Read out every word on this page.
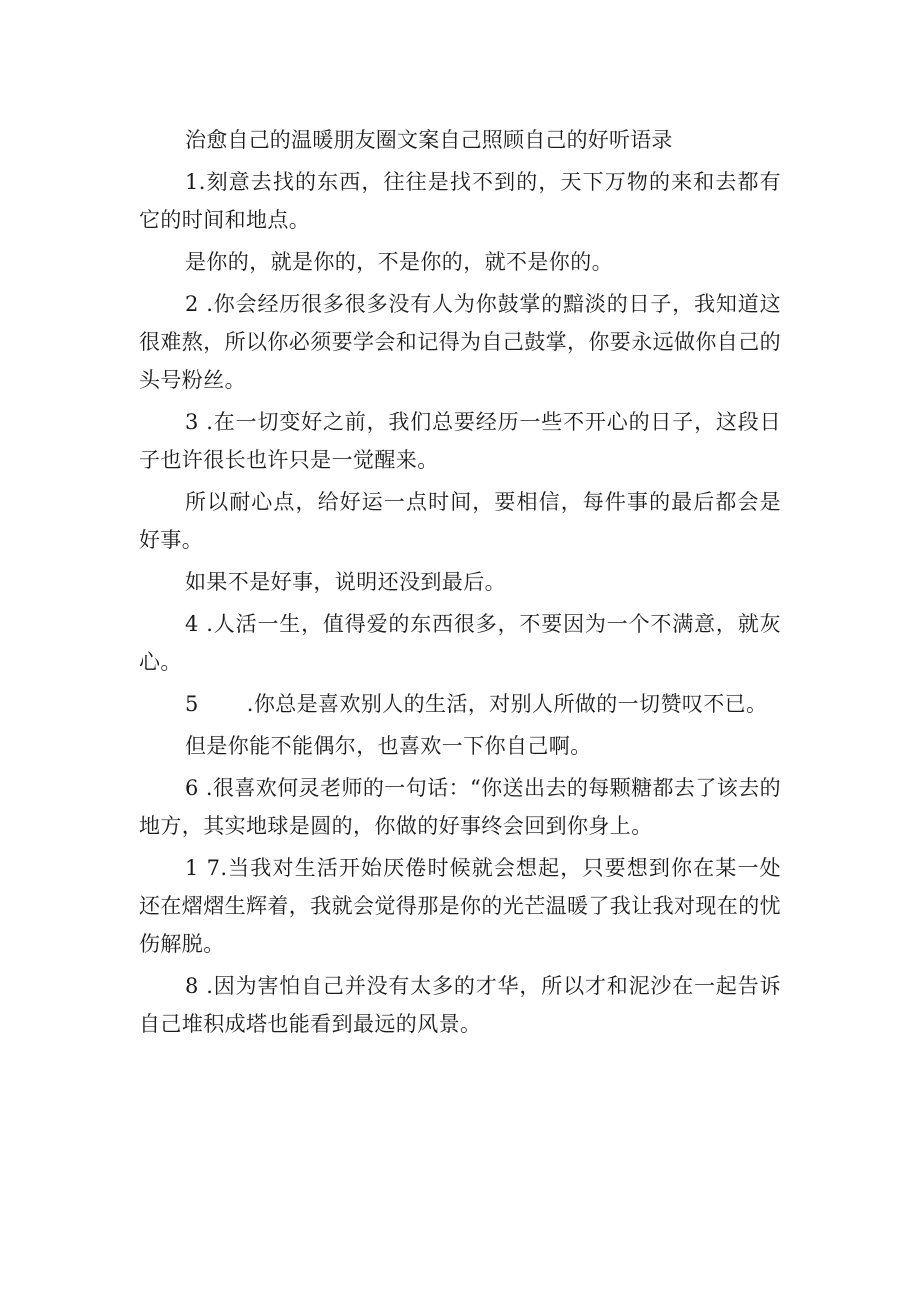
治愈自己的温暖朋友圈文案自己照顾自己的好听语录

1.刻意去找的东西，往往是找不到的，天下万物的来和去都有它的时间和地点。

是你的，就是你的，不是你的，就不是你的。

2 .你会经历很多很多没有人为你鼓掌的黯淡的日子，我知道这很难熬，所以你必须要学会和记得为自己鼓掌，你要永远做你自己的头号粉丝。

3 .在一切变好之前，我们总要经历一些不开心的日子，这段日子也许很长也许只是一觉醒来。

所以耐心点，给好运一点时间，要相信，每件事的最后都会是好事。

如果不是好事，说明还没到最后。

4 .人活一生，值得爱的东西很多，不要因为一个不满意，就灰心。

5 .你总是喜欢别人的生活，对别人所做的一切赞叹不已。

但是你能不能偶尔，也喜欢一下你自己啊。

6 .很喜欢何灵老师的一句话：“你送出去的每颗糖都去了该去的地方，其实地球是圆的，你做的好事终会回到你身上。

1 7.当我对生活开始厌倦时候就会想起，只要想到你在某一处还在熠熠生辉着，我就会觉得那是你的光芒温暖了我让我对现在的忧伤解脱。

8 .因为害怕自己并没有太多的才华，所以才和泥沙在一起告诉自己堆积成塔也能看到最远的风景。
